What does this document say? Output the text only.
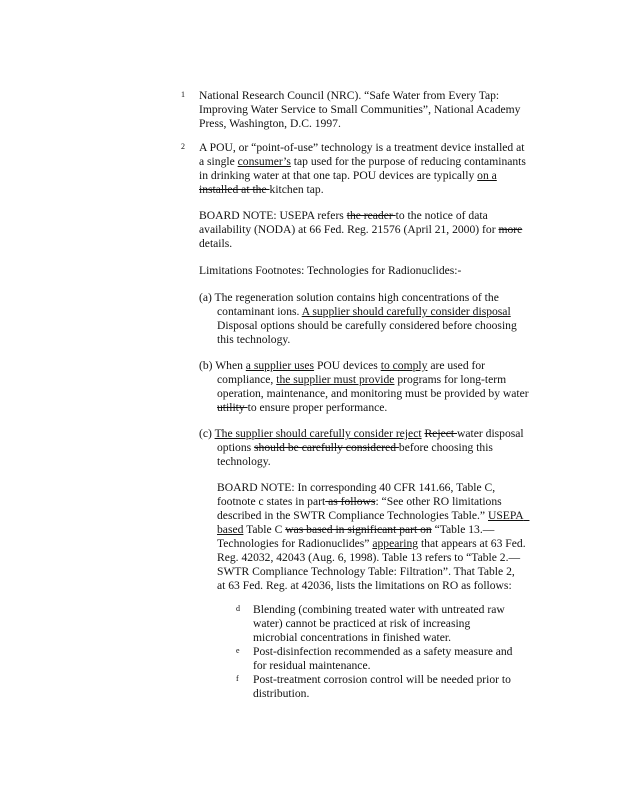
1 National Research Council (NRC). “Safe Water from Every Tap:
Improving Water Service to Small Communities”, National Academy
Press, Washington, D.C. 1997.
2 A POU, or “point-of-use” technology is a treatment device installed at
a single consumer’s tap used for the purpose of reducing contaminants
in drinking water at that one tap. POU devices are typically on a
installed at the kitchen tap.
BOARD NOTE: USEPA refers the reader to the notice of data
availability (NODA) at 66 Fed. Reg. 21576 (April 21, 2000) for more
details.
Limitations Footnotes: Technologies for Radionuclides:-
(a) The regeneration solution contains high concentrations of the
contaminant ions. A supplier should carefully consider disposal
Disposal options should be carefully considered before choosing
this technology.
(b) When a supplier uses POU devices to comply are used for
compliance, the supplier must provide programs for long-term
operation, maintenance, and monitoring must be provided by water
utility to ensure proper performance.
(c) The supplier should carefully consider reject Reject water disposal
options should be carefully considered before choosing this
technology.
BOARD NOTE: In corresponding 40 CFR 141.66, Table C,
footnote c states in part as follows: “See other RO limitations
described in the SWTR Compliance Technologies Table.” USEPA
based Table C was based in significant part on “Table 13.—
Technologies for Radionuclides” appearing that appears at 63 Fed.
Reg. 42032, 42043 (Aug. 6, 1998). Table 13 refers to “Table 2.—
SWTR Compliance Technology Table: Filtration”. That Table 2,
at 63 Fed. Reg. at 42036, lists the limitations on RO as follows:
d Blending (combining treated water with untreated raw
water) cannot be practiced at risk of increasing
microbial concentrations in finished water.
e Post-disinfection recommended as a safety measure and
for residual maintenance.
f Post-treatment corrosion control will be needed prior to
distribution.
